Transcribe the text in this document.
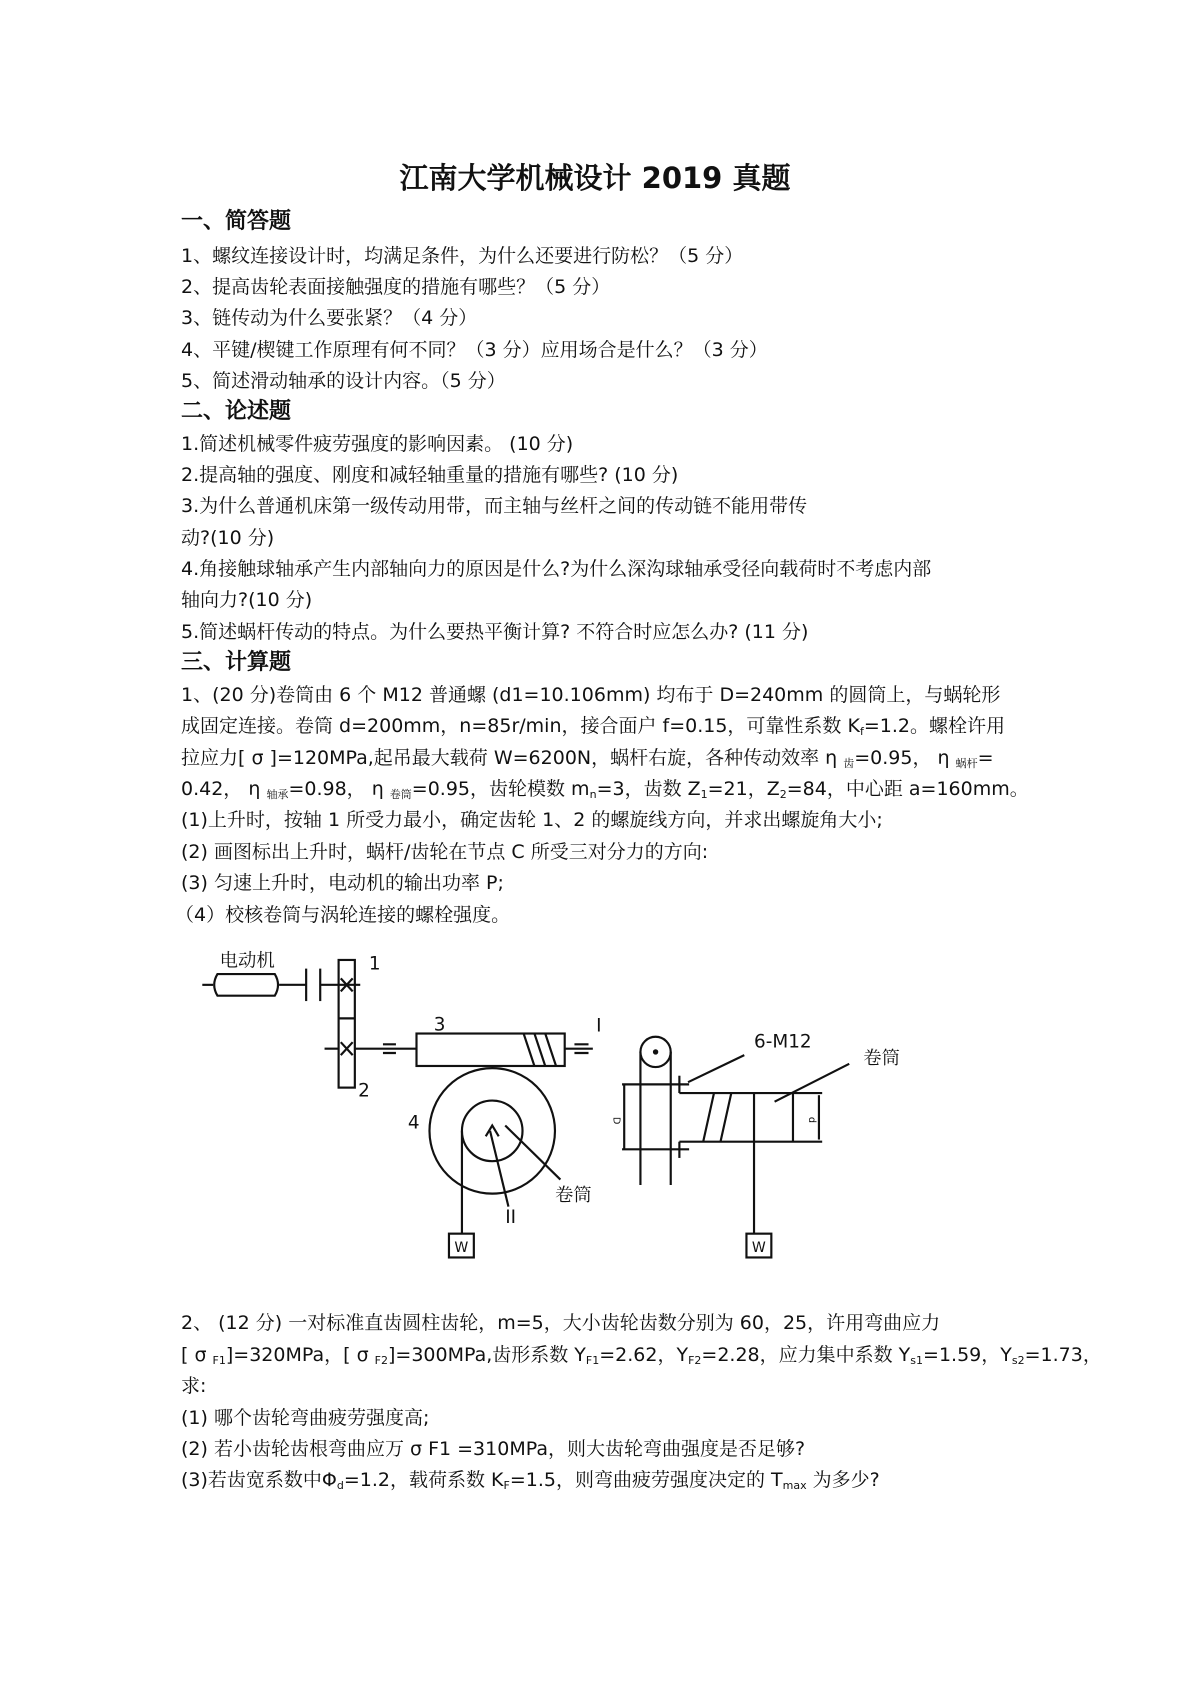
江南大学机械设计 2019 真题
一、简答题
1、螺纹连接设计时，均满足条件，为什么还要进行防松？（5 分）
2、提高齿轮表面接触强度的措施有哪些？（5 分）
3、链传动为什么要张紧？（4 分）
4、平键/楔键工作原理有何不同？（3 分）应用场合是什么？（3 分）
5、简述滑动轴承的设计内容。（5 分）
二、论述题
1.简述机械零件疲劳强度的影响因素。 (10 分)
2.提高轴的强度、刚度和减轻轴重量的措施有哪些? (10 分)
3.为什么普通机床第一级传动用带，而主轴与丝杆之间的传动链不能用带传
动?(10 分)
4.角接触球轴承产生内部轴向力的原因是什么?为什么深沟球轴承受径向载荷时不考虑内部
轴向力?(10 分)
5.简述蜗杆传动的特点。为什么要热平衡计算? 不符合时应怎么办? (11 分)
三、计算题
1、(20 分)卷筒由 6 个 M12 普通螺 (d1=10.106mm) 均布于 D=240mm 的圆筒上，与蜗轮形
成固定连接。卷筒 d=200mm，n=85r/min，接合面户 f=0.15，可靠性系数 $K_f=1.2$。螺栓许用
拉应力[ σ ]=120MPa,起吊最大载荷 W=6200N，蜗杆右旋，各种传动效率 η $_齿$=0.95， η $_{蜗杆}$=
0.42， η $_{轴承}$=0.98， η $_{卷筒}$=0.95，齿轮模数 $m_n=3$，齿数 $Z_1=21$，$Z_2=84$，中心距 a=160mm。
(1)上升时，按轴 1 所受力最小，确定齿轮 1、2 的螺旋线方向，并求出螺旋角大小;
(2) 画图标出上升时，蜗杆/齿轮在节点 C 所受三对分力的方向:
(3) 匀速上升时，电动机的输出功率 P;
（4）校核卷筒与涡轮连接的螺栓强度。
电动机	1
2
3
4
I
II
卷筒
6-M12
卷筒
D	d
W	W
2、 (12 分) 一对标准直齿圆柱齿轮，m=5，大小齿轮齿数分别为 60，25，许用弯曲应力
[ σ $_{F1}$]=320MPa，[ σ $_{F2}$]=300MPa,齿形系数 $Y_{F1}=2.62$，$Y_{F2}=2.28$，应力集中系数 $Y_{s1}=1.59$，$Y_{s2}=1.73$，
求:
(1) 哪个齿轮弯曲疲劳强度高;
(2) 若小齿轮齿根弯曲应万 σ F1 =310MPa，则大齿轮弯曲强度是否足够?
(3)若齿宽系数中$\Phi_d=1.2$，载荷系数 $K_F=1.5$，则弯曲疲劳强度决定的 $T_{max}$ 为多少?
